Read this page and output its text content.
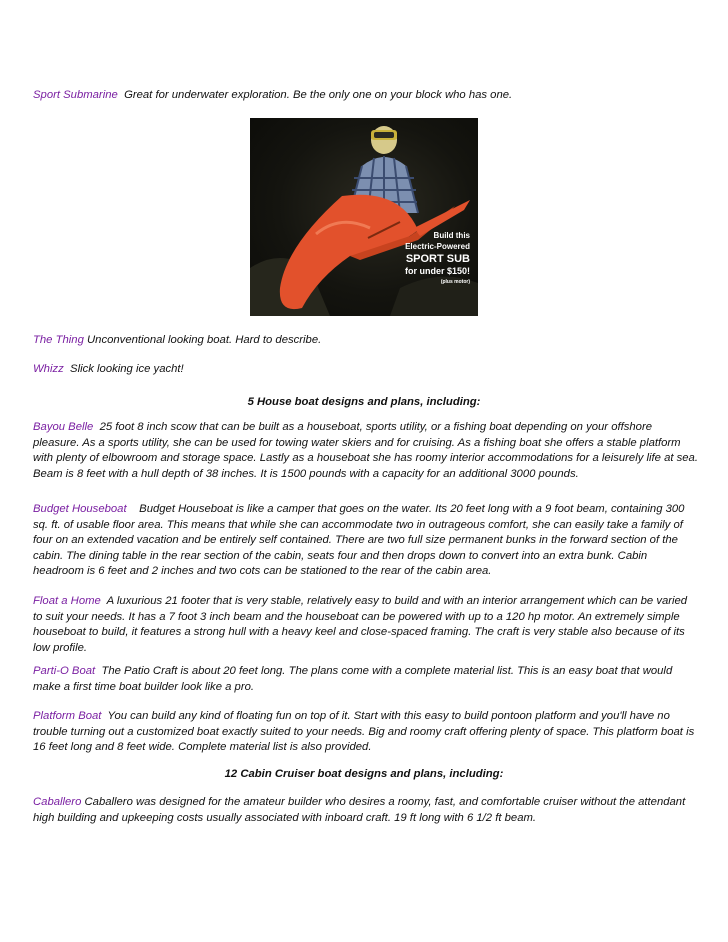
Sport Submarine Great for underwater exploration. Be the only one on your block who has one.

Build this
Electric-Powered
SPORT SUB
for under $150!
(plus motor)

The Thing Unconventional looking boat. Hard to describe.

Whizz Slick looking ice yacht!

5 House boat designs and plans, including:

Bayou Belle 25 foot 8 inch scow that can be built as a houseboat, sports utility, or a fishing boat depending on your offshore pleasure. As a sports utility, she can be used for towing water skiers and for cruising. As a fishing boat she offers a stable platform with plenty of elbowroom and storage space. Lastly as a houseboat she has roomy interior accommodations for a leisurely life at sea. Beam is 8 feet with a hull depth of 38 inches. It is 1500 pounds with a capacity for an additional 3000 pounds.

Budget Houseboat Budget Houseboat is like a camper that goes on the water. Its 20 feet long with a 9 foot beam, containing 300 sq. ft. of usable floor area. This means that while she can accommodate two in outrageous comfort, she can easily take a family of four on an extended vacation and be entirely self contained. There are two full size permanent bunks in the forward section of the cabin. The dining table in the rear section of the cabin, seats four and then drops down to convert into an extra bunk. Cabin headroom is 6 feet and 2 inches and two cots can be stationed to the rear of the cabin area.

Float a Home A luxurious 21 footer that is very stable, relatively easy to build and with an interior arrangement which can be varied to suit your needs. It has a 7 foot 3 inch beam and the houseboat can be powered with up to a 120 hp motor. An extremely simple houseboat to build, it features a strong hull with a heavy keel and close-spaced framing. The craft is very stable also because of its low profile.

Parti-O Boat The Patio Craft is about 20 feet long. The plans come with a complete material list. This is an easy boat that would make a first time boat builder look like a pro.

Platform Boat You can build any kind of floating fun on top of it. Start with this easy to build pontoon platform and you'll have no trouble turning out a customized boat exactly suited to your needs. Big and roomy craft offering plenty of space. This platform boat is 16 feet long and 8 feet wide. Complete material list is also provided.

12 Cabin Cruiser boat designs and plans, including:

Caballero Caballero was designed for the amateur builder who desires a roomy, fast, and comfortable cruiser without the attendant high building and upkeeping costs usually associated with inboard craft. 19 ft long with 6 1/2 ft beam.
